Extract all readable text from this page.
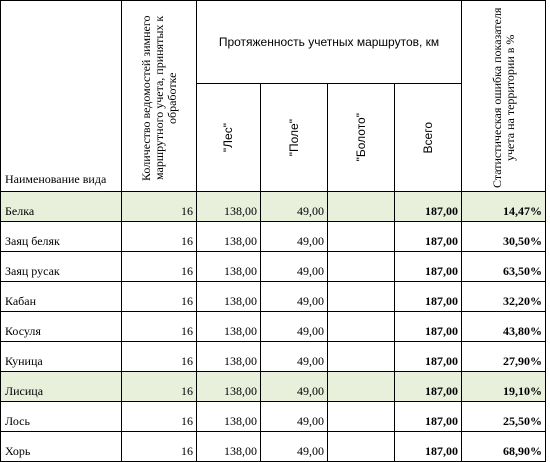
Наименование вида	Количество ведомостей зимнего маршрутного учета, принятых к обработке	Протяженность учетных маршрутов, км				Статистическая ошибка показателя учета на территории в %

		"Лес"	"Поле"	"Болото"	Всего	

Белка	16	138,00	49,00		187,00	14,47%
Заяц беляк	16	138,00	49,00		187,00	30,50%
Заяц русак	16	138,00	49,00		187,00	63,50%
Кабан	16	138,00	49,00		187,00	32,20%
Косуля	16	138,00	49,00		187,00	43,80%
Куница	16	138,00	49,00		187,00	27,90%
Лисица	16	138,00	49,00		187,00	19,10%
Лось	16	138,00	49,00		187,00	25,50%
Хорь	16	138,00	49,00		187,00	68,90%
